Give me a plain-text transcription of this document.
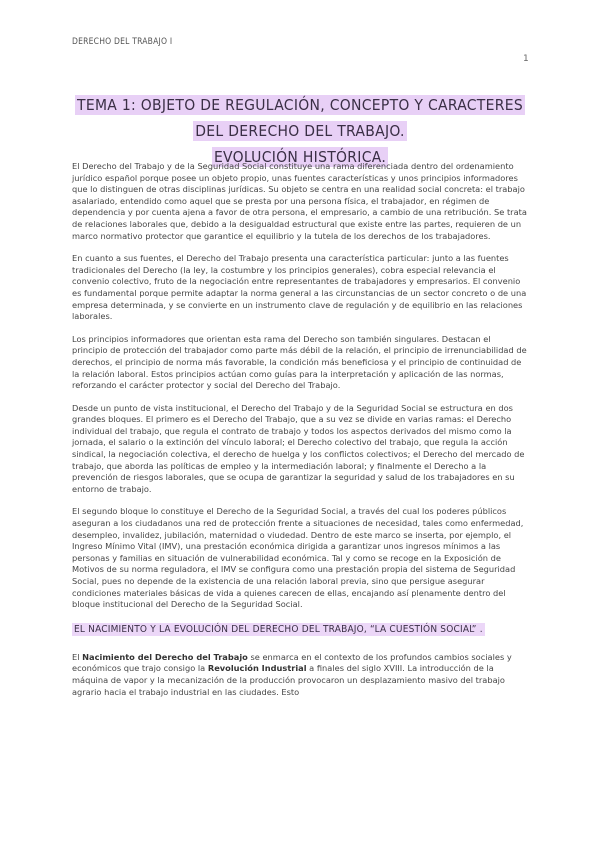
DERECHO DEL TRABAJO I
1
TEMA 1: OBJETO DE REGULACIÓN, CONCEPTO Y CARACTERES DEL DERECHO DEL TRABAJO.
EVOLUCIÓN HISTÓRICA.

El Derecho del Trabajo y de la Seguridad Social constituye una rama diferenciada dentro del ordenamiento jurídico español porque posee un objeto propio, unas fuentes características y unos principios informadores que lo distinguen de otras disciplinas jurídicas. Su objeto se centra en una realidad social concreta: el trabajo asalariado, entendido como aquel que se presta por una persona física, el trabajador, en régimen de dependencia y por cuenta ajena a favor de otra persona, el empresario, a cambio de una retribución. Se trata de relaciones laborales que, debido a la desigualdad estructural que existe entre las partes, requieren de un marco normativo protector que garantice el equilibrio y la tutela de los derechos de los trabajadores.

En cuanto a sus fuentes, el Derecho del Trabajo presenta una característica particular: junto a las fuentes tradicionales del Derecho (la ley, la costumbre y los principios generales), cobra especial relevancia el convenio colectivo, fruto de la negociación entre representantes de trabajadores y empresarios. El convenio es fundamental porque permite adaptar la norma general a las circunstancias de un sector concreto o de una empresa determinada, y se convierte en un instrumento clave de regulación y de equilibrio en las relaciones laborales.

Los principios informadores que orientan esta rama del Derecho son también singulares. Destacan el principio de protección del trabajador como parte más débil de la relación, el principio de irrenunciabilidad de derechos, el principio de norma más favorable, la condición más beneficiosa y el principio de continuidad de la relación laboral. Estos principios actúan como guías para la interpretación y aplicación de las normas, reforzando el carácter protector y social del Derecho del Trabajo.

Desde un punto de vista institucional, el Derecho del Trabajo y de la Seguridad Social se estructura en dos grandes bloques. El primero es el Derecho del Trabajo, que a su vez se divide en varias ramas: el Derecho individual del trabajo, que regula el contrato de trabajo y todos los aspectos derivados del mismo como la jornada, el salario o la extinción del vínculo laboral; el Derecho colectivo del trabajo, que regula la acción sindical, la negociación colectiva, el derecho de huelga y los conflictos colectivos; el Derecho del mercado de trabajo, que aborda las políticas de empleo y la intermediación laboral; y finalmente el Derecho a la prevención de riesgos laborales, que se ocupa de garantizar la seguridad y salud de los trabajadores en su entorno de trabajo.

El segundo bloque lo constituye el Derecho de la Seguridad Social, a través del cual los poderes públicos aseguran a los ciudadanos una red de protección frente a situaciones de necesidad, tales como enfermedad, desempleo, invalidez, jubilación, maternidad o viudedad. Dentro de este marco se inserta, por ejemplo, el Ingreso Mínimo Vital (IMV), una prestación económica dirigida a garantizar unos ingresos mínimos a las personas y familias en situación de vulnerabilidad económica. Tal y como se recoge en la Exposición de Motivos de su norma reguladora, el IMV se configura como una prestación propia del sistema de Seguridad Social, pues no depende de la existencia de una relación laboral previa, sino que persigue asegurar condiciones materiales básicas de vida a quienes carecen de ellas, encajando así plenamente dentro del bloque institucional del Derecho de la Seguridad Social.

EL NACIMIENTO Y LA EVOLUCIÓN DEL DERECHO DEL TRABAJO, “LA CUESTIÓN SOCIAL” .

El Nacimiento del Derecho del Trabajo se enmarca en el contexto de los profundos cambios sociales y económicos que trajo consigo la Revolución Industrial a finales del siglo XVIII. La introducción de la máquina de vapor y la mecanización de la producción provocaron un desplazamiento masivo del trabajo agrario hacia el trabajo industrial en las ciudades. Esto
